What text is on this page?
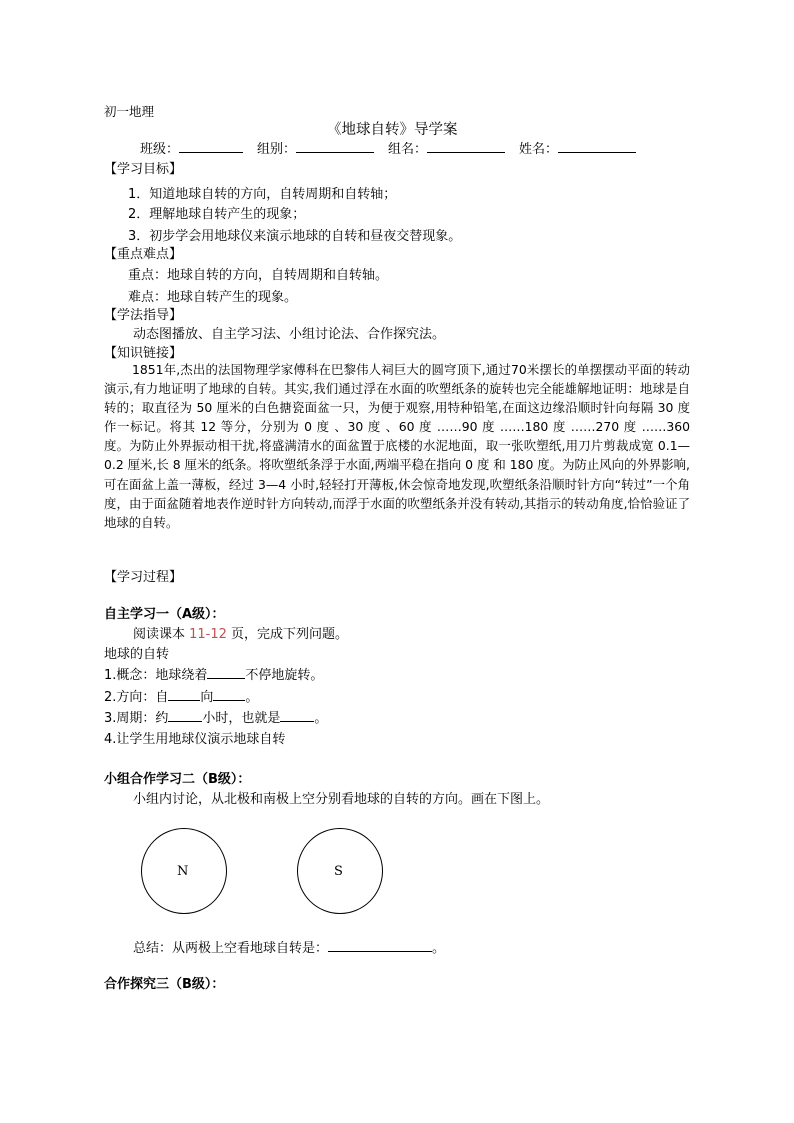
初一地理
《地球自转》导学案
班级：	组别：	组名：	姓名：
【学习目标】
1．知道地球自转的方向，自转周期和自转轴；
2．理解地球自转产生的现象；
3．初步学会用地球仪来演示地球的自转和昼夜交替现象。
【重点难点】
重点：地球自转的方向，自转周期和自转轴。
难点：地球自转产生的现象。
【学法指导】
动态图播放、自主学习法、小组讨论法、合作探究法。
【知识链接】
1851年,杰出的法国物理学家傅科在巴黎伟人祠巨大的圆穹顶下,通过70米摆长的单摆摆动平面的转动演示,有力地证明了地球的自转。其实,我们通过浮在水面的吹塑纸条的旋转也完全能雄解地证明：地球是自转的；取直径为 50 厘米的白色搪瓷面盆一只，为便于观察,用特种铅笔,在面这边缘沿顺时针向每隔 30 度作一标记。将其 12 等分，分别为 0 度 、30 度 、60 度 ……90 度 ……180 度 ……270 度 ……360 度。为防止外界振动相干扰,将盛满清水的面盆置于底楼的水泥地面，取一张吹塑纸,用刀片剪裁成宽 0.1—0.2 厘米,长 8 厘米的纸条。将吹塑纸条浮于水面,两端平稳在指向 0 度 和 180 度。为防止风向的外界影响,可在面盆上盖一薄板，经过 3—4 小时,轻轻打开薄板,休会惊奇地发现,吹塑纸条沿顺时针方向“转过”一个角度，由于面盆随着地表作逆时针方向转动,而浮于水面的吹塑纸条并没有转动,其指示的转动角度,恰恰验证了地球的自转。
【学习过程】
自主学习一（A级）：
阅读课本 11-12 页，完成下列问题。
地球的自转
1.概念：地球绕着	不停地旋转。
2.方向：自 向 。
3.周期：约	小时，也就是	。
4.让学生用地球仪演示地球自转
小组合作学习二（B级）：
小组内讨论，从北极和南极上空分别看地球的自转的方向。画在下图上。
N	S
总结：从两极上空看地球自转是：	。
合作探究三（B级）：
